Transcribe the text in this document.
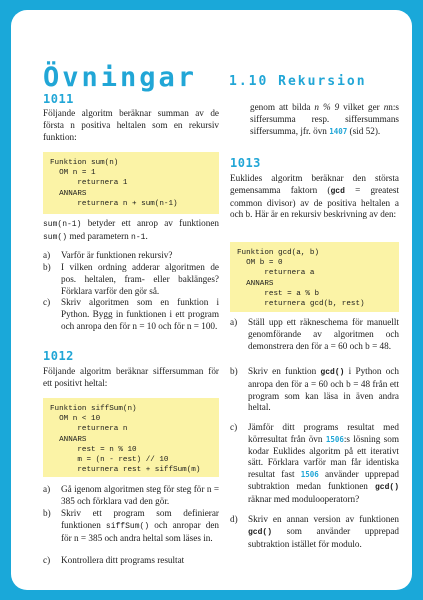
Övningar 1.10 Rekursion
1011
Följande algoritm beräknar summan av de första n positiva heltalen som en rekursiv funktion:
Funktion sum(n)
OM n = 1
returnera 1
ANNARS
returnera n + sum(n-1)
sum(n-1) betyder ett anrop av funktionen sum() med parametern n-1.
a) Varför är funktionen rekursiv?
b) I vilken ordning adderar algoritmen de pos. heltalen, fram- eller baklänges? Förklara varför den gör så.
c) Skriv algoritmen som en funktion i Python. Bygg in funktionen i ett program och anropa den för n = 10 och för n = 100.
1012
Följande algoritm beräknar siffersumman för ett positivt heltal:
Funktion siffSum(n)
OM n < 10
returnera n
ANNARS
rest = n % 10
m = (n - rest) // 10
returnera rest + siffSum(m)
a) Gå igenom algoritmen steg för steg för n = 385 och förklara vad den gör.
b) Skriv ett program som definierar funktionen siffSum() och anropar den för n = 385 och andra heltal som läses in.
c) Kontrollera ditt programs resultat
genom att bilda n % 9 vilket ger nn:s siffersumma resp. siffersummans siffersumma, jfr. övn 1407 (sid 52).
1013
Euklides algoritm beräknar den största gemensamma faktorn (gcd = greatest common divisor) av de positiva heltalen a och b. Här är en rekursiv beskrivning av den:
Funktion gcd(a, b)
OM b = 0
returnera a
ANNARS
rest = a % b
returnera gcd(b, rest)
a) Ställ upp ett räkneschema för manuellt genomförande av algoritmen och demonstrera den för a = 60 och b = 48.
b) Skriv en funktion gcd() i Python och anropa den för a = 60 och b = 48 från ett program som kan läsa in även andra heltal.
c) Jämför ditt programs resultat med körresultat från övn 1506:s lösning som kodar Euklides algoritm på ett iterativt sätt. Förklara varför man får identiska resultat fast 1506 använder upprepad subtraktion medan funktionen gcd() räknar med modulooperatorn?
d) Skriv en annan version av funktionen gcd() som använder upprepad subtraktion istället för modulo.
